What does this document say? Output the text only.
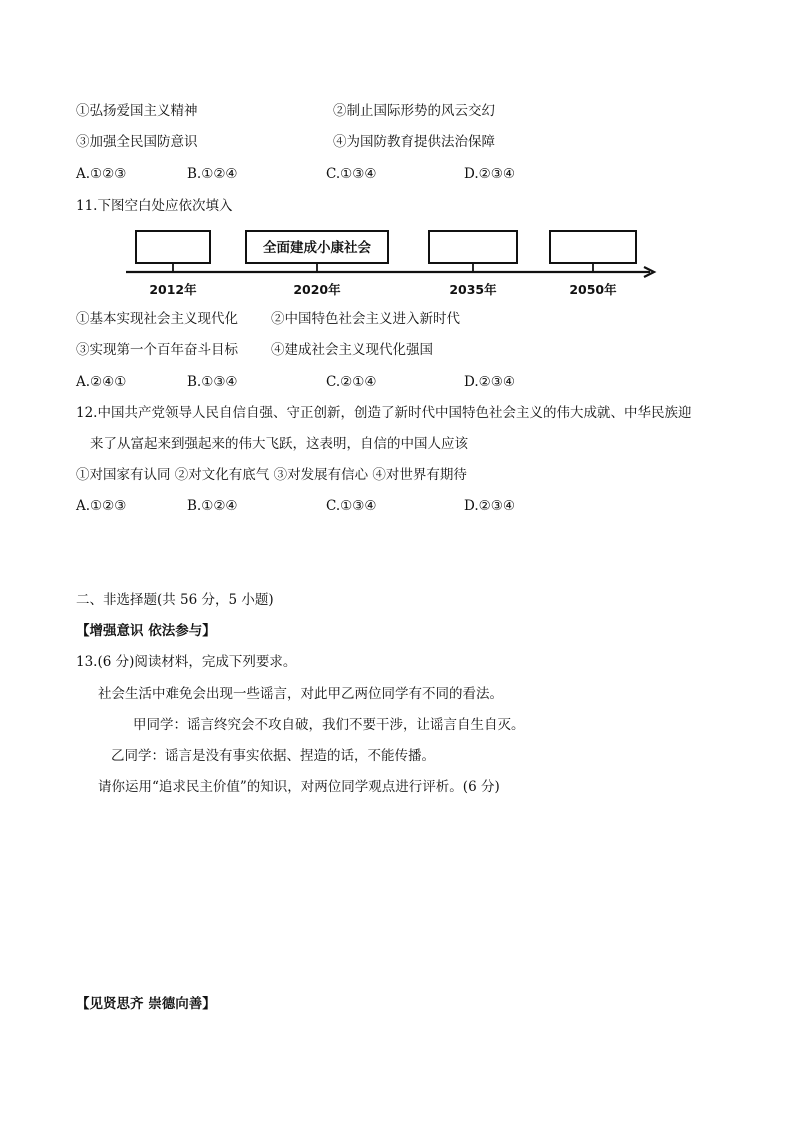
①弘扬爱国主义精神	②制止国际形势的风云交幻
③加强全民国防意识	④为国防教育提供法治保障
A.①②③	B.①②④	C.①③④	D.②③④
11.下图空白处应依次填入
全面建成小康社会
2012年	2020年	2035年	2050年
①基本实现社会主义现代化 ②中国特色社会主义进入新时代
③实现第一个百年奋斗目标 ④建成社会主义现代化强国
A.②④①	B.①③④	C.②①④	D.②③④
12.中国共产党领导人民自信自强、守正创新，创造了新时代中国特色社会主义的伟大成就、中华民族迎
来了从富起来到强起来的伟大飞跃，这表明，自信的中国人应该
①对国家有认同 ②对文化有底气 ③对发展有信心 ④对世界有期待
A.①②③	B.①②④	C.①③④	D.②③④
二、非选择题(共 56 分，5 小题)
【增强意识 依法参与】
13.(6 分)阅读材料，完成下列要求。
社会生活中难免会出现一些谣言，对此甲乙两位同学有不同的看法。
甲同学：谣言终究会不攻自破，我们不要干涉，让谣言自生自灭。
乙同学：谣言是没有事实依据、捏造的话，不能传播。
请你运用“追求民主价值”的知识，对两位同学观点进行评析。(6 分)
【见贤思齐 崇德向善】
